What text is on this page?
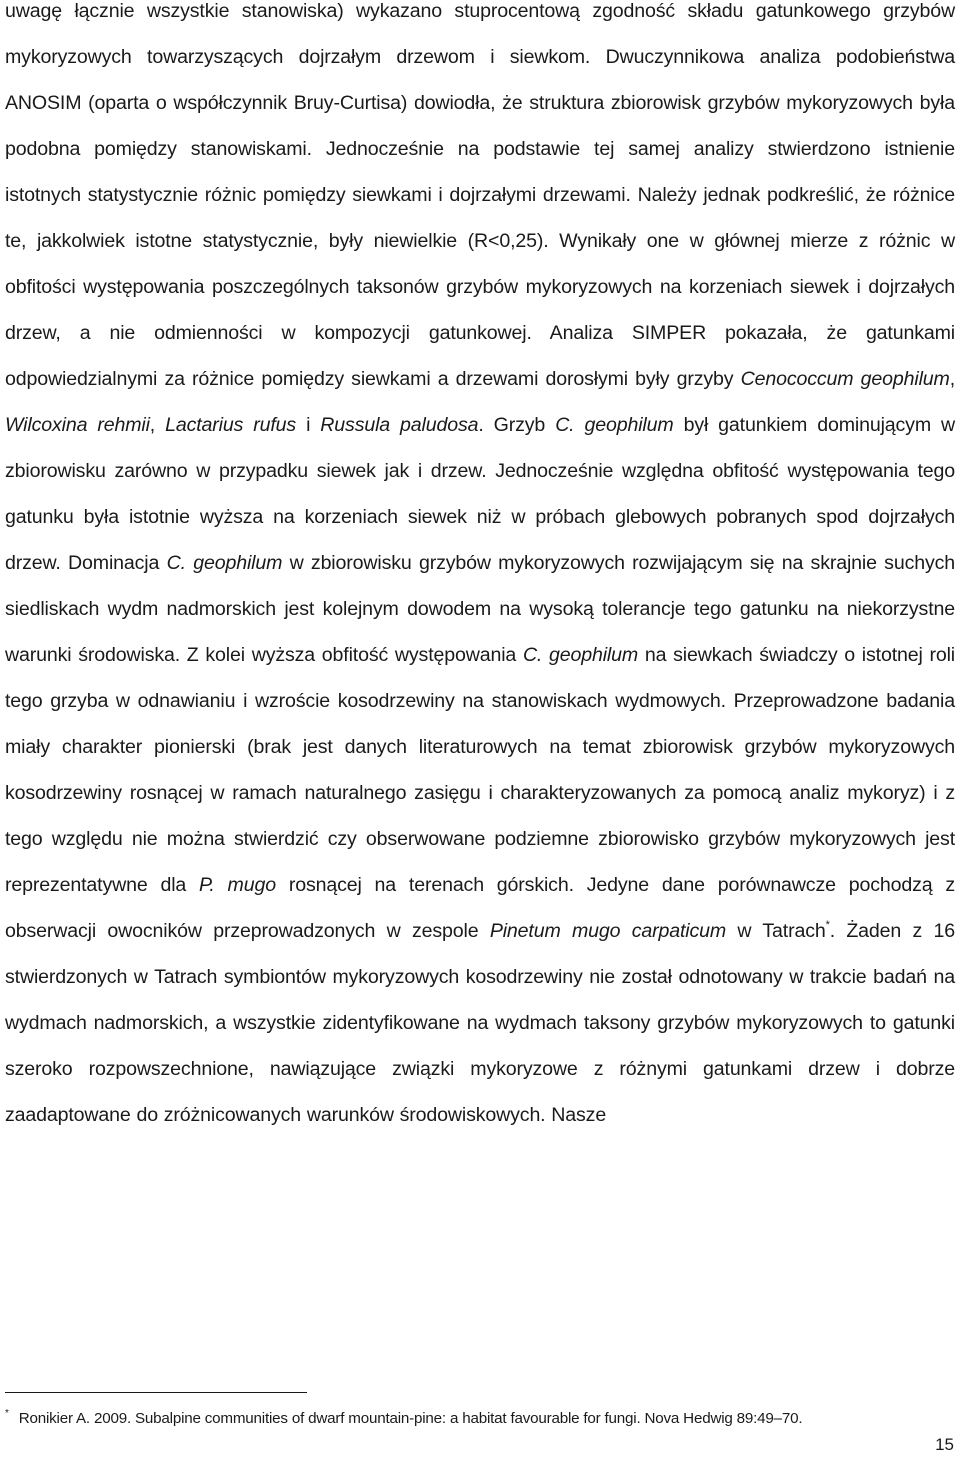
uwagę łącznie wszystkie stanowiska) wykazano stuprocentową zgodność składu gatunkowego grzybów mykoryzowych towarzyszących dojrzałym drzewom i siewkom. Dwuczynnikowa analiza podobieństwa ANOSIM (oparta o współczynnik Bruy-Curtisa) dowiodła, że struktura zbiorowisk grzybów mykoryzowych była podobna pomiędzy stanowiskami. Jednocześnie na podstawie tej samej analizy stwierdzono istnienie istotnych statystycznie różnic pomiędzy siewkami i dojrzałymi drzewami. Należy jednak podkreślić, że różnice te, jakkolwiek istotne statystycznie, były niewielkie (R<0,25). Wynikały one w głównej mierze z różnic w obfitości występowania poszczególnych taksonów grzybów mykoryzowych na korzeniach siewek i dojrzałych drzew, a nie odmienności w kompozycji gatunkowej. Analiza SIMPER pokazała, że gatunkami odpowiedzialnymi za różnice pomiędzy siewkami a drzewami dorosłymi były grzyby Cenococcum geophilum, Wilcoxina rehmii, Lactarius rufus i Russula paludosa. Grzyb C. geophilum był gatunkiem dominującym w zbiorowisku zarówno w przypadku siewek jak i drzew. Jednocześnie względna obfitość występowania tego gatunku była istotnie wyższa na korzeniach siewek niż w próbach glebowych pobranych spod dojrzałych drzew. Dominacja C. geophilum w zbiorowisku grzybów mykoryzowych rozwijającym się na skrajnie suchych siedliskach wydm nadmorskich jest kolejnym dowodem na wysoką tolerancje tego gatunku na niekorzystne warunki środowiska. Z kolei wyższa obfitość występowania C. geophilum na siewkach świadczy o istotnej roli tego grzyba w odnawianiu i wzroście kosodrzewiny na stanowiskach wydmowych. Przeprowadzone badania miały charakter pionierski (brak jest danych literaturowych na temat zbiorowisk grzybów mykoryzowych kosodrzewiny rosnącej w ramach naturalnego zasięgu i charakteryzowanych za pomocą analiz mykoryz) i z tego względu nie można stwierdzić czy obserwowane podziemne zbiorowisko grzybów mykoryzowych jest reprezentatywne dla P. mugo rosnącej na terenach górskich. Jedyne dane porównawcze pochodzą z obserwacji owocników przeprowadzonych w zespole Pinetum mugo carpaticum w Tatrach*. Żaden z 16 stwierdzonych w Tatrach symbiontów mykoryzowych kosodrzewiny nie został odnotowany w trakcie badań na wydmach nadmorskich, a wszystkie zidentyfikowane na wydmach taksony grzybów mykoryzowych to gatunki szeroko rozpowszechnione, nawiązujące związki mykoryzowe z różnymi gatunkami drzew i dobrze zaadaptowane do zróżnicowanych warunków środowiskowych. Nasze

* Ronikier A. 2009. Subalpine communities of dwarf mountain-pine: a habitat favourable for fungi. Nova Hedwig 89:49–70.

15
